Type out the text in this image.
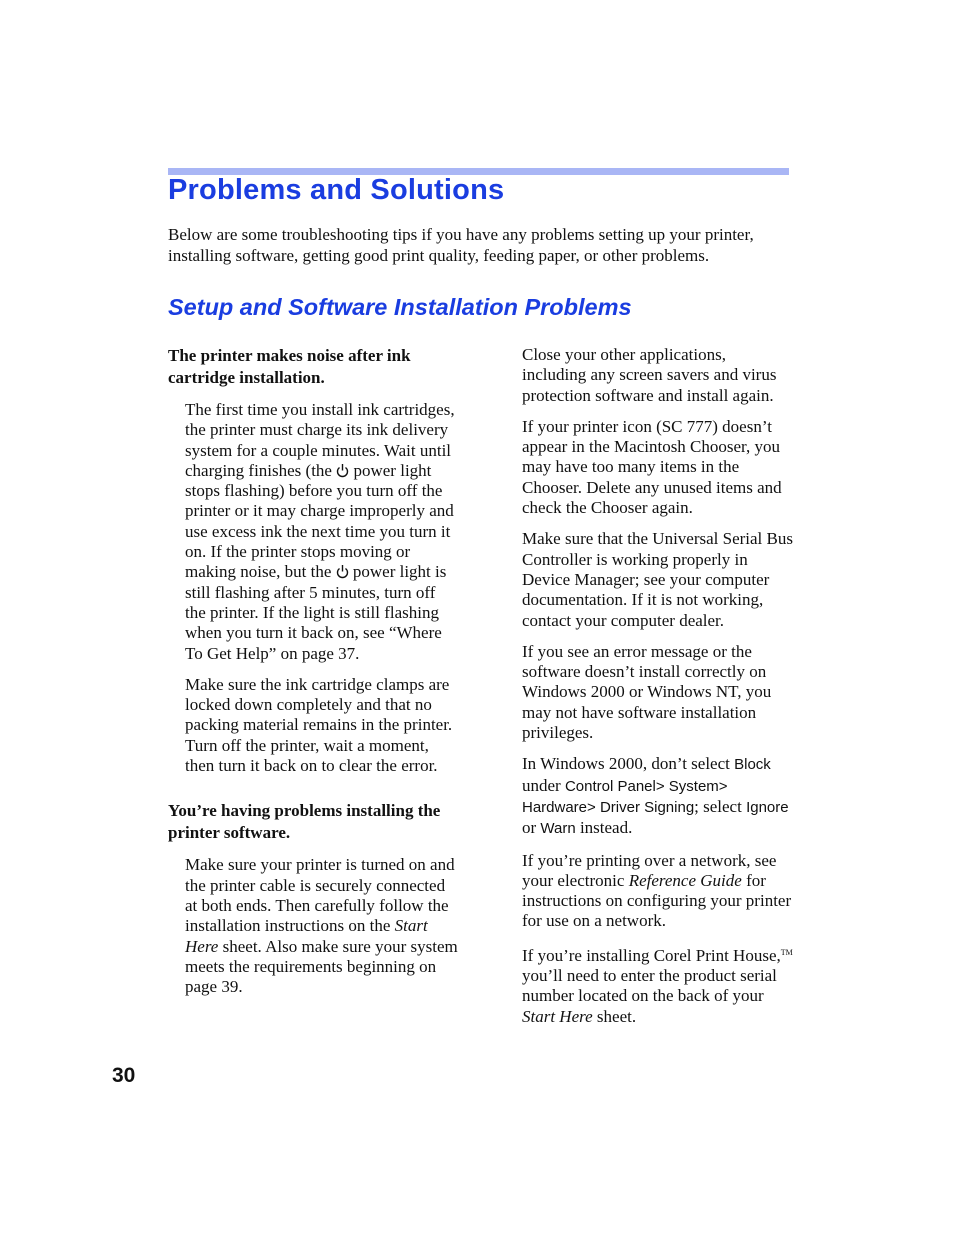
Problems and Solutions

Below are some troubleshooting tips if you have any problems setting up your printer, installing software, getting good print quality, feeding paper, or other problems.

Setup and Software Installation Problems

The printer makes noise after ink cartridge installation.

The first time you install ink cartridges, the printer must charge its ink delivery system for a couple minutes. Wait until charging finishes (the  power light stops flashing) before you turn off the printer or it may charge improperly and use excess ink the next time you turn it on. If the printer stops moving or making noise, but the  power light is still flashing after 5 minutes, turn off the printer. If the light is still flashing when you turn it back on, see “Where To Get Help” on page 37.

Make sure the ink cartridge clamps are locked down completely and that no packing material remains in the printer. Turn off the printer, wait a moment, then turn it back on to clear the error.

You’re having problems installing the printer software.

Make sure your printer is turned on and the printer cable is securely connected at both ends. Then carefully follow the installation instructions on the Start Here sheet. Also make sure your system meets the requirements beginning on page 39.

Close your other applications, including any screen savers and virus protection software and install again.

If your printer icon (SC 777) doesn’t appear in the Macintosh Chooser, you may have too many items in the Chooser. Delete any unused items and check the Chooser again.

Make sure that the Universal Serial Bus Controller is working properly in Device Manager; see your computer documentation. If it is not working, contact your computer dealer.

If you see an error message or the software doesn’t install correctly on Windows 2000 or Windows NT, you may not have software installation privileges.

In Windows 2000, don’t select Block under Control Panel> System> Hardware> Driver Signing; select Ignore or Warn instead.

If you’re printing over a network, see your electronic Reference Guide for instructions on configuring your printer for use on a network.

If you’re installing Corel Print House,™ you’ll need to enter the product serial number located on the back of your Start Here sheet.

30
